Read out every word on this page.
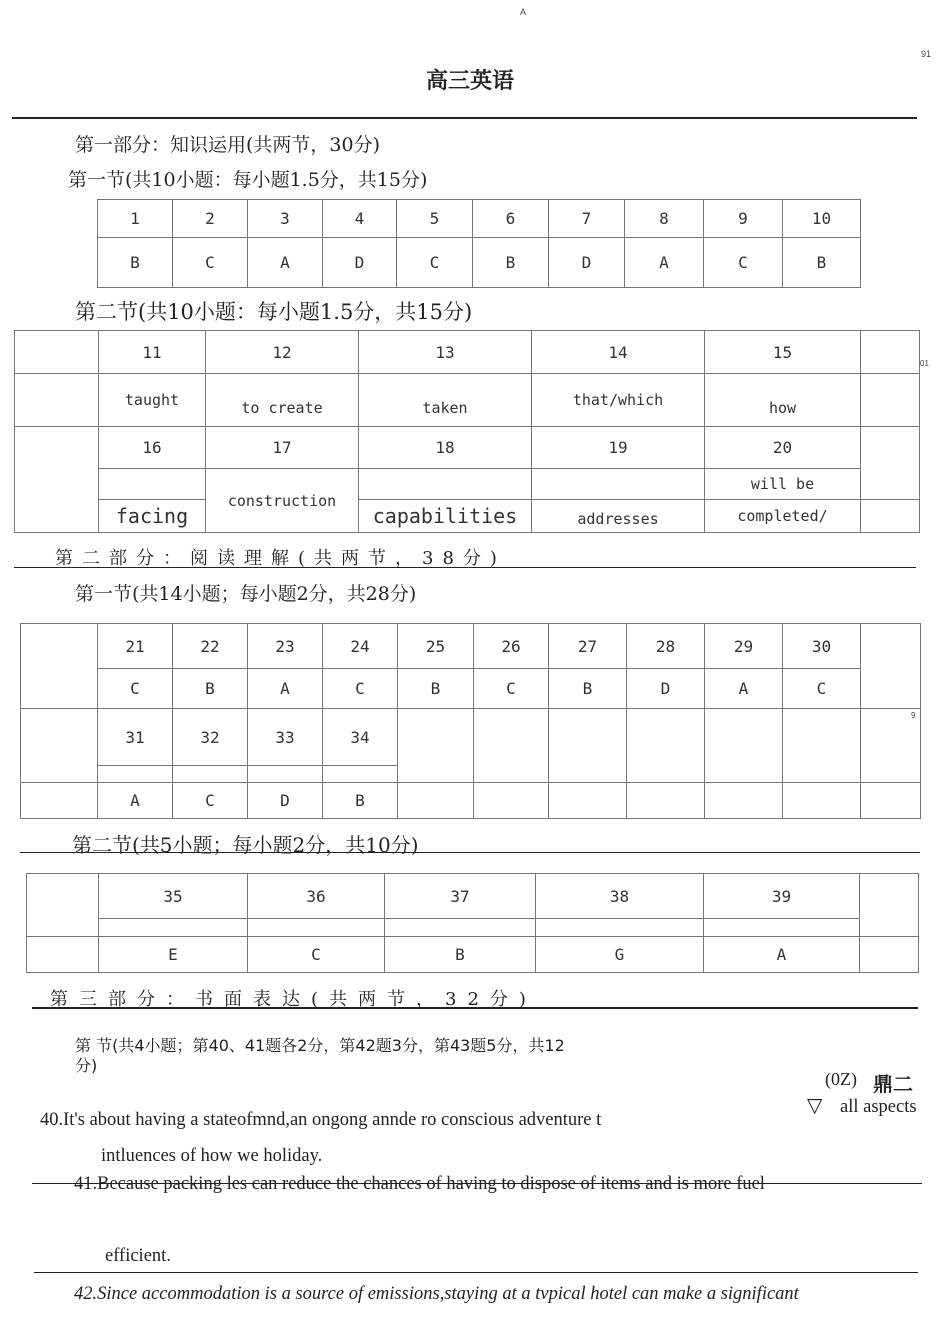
A
91
高三英语
第一部分：知识运用(共两节，30分)
第一节(共10小题：每小题1.5分，共15分)
1	2	3	4	5	6	7	8	9	10
B	C	A	D	C	B	D	A	C	B
第二节(共10小题：每小题1.5分，共15分)
01
	11	12	13	14	15	
	taught	to create	taken	that/which	how	
	16	17	18	19	20	
		construction			will be	
	facing		capabilities	addresses	completed/	
第二部分：阅读理解(共两节，38分)
第一节(共14小题；每小题2分，共28分)
9
	21	22	23	24	25	26	27	28	29	30	
	C	B	A	C	B	C	B	D	A	C	
	31	32	33	34							

	A	C	D	B							
第二节(共5小题；每小题2分，共10分)
	35	36	37	38	39	

	E	C	B	G	A	
第三部分：书面表达(共两节，32分)
第 节(共4小题；第40、41题各2分，第42题3分，第43题5分，共12
分)
(0Z) 鼎二
▽ all aspects
40.It's about having a stateofmnd,an ongong annde ro conscious adventure t
intluences of how we holiday.
41.Because packing les can reduce the chances of having to dispose of items and is more fuel
efficient.
42.Since accommodation is a source of emissions,staying at a tvpical hotel can make a significant
